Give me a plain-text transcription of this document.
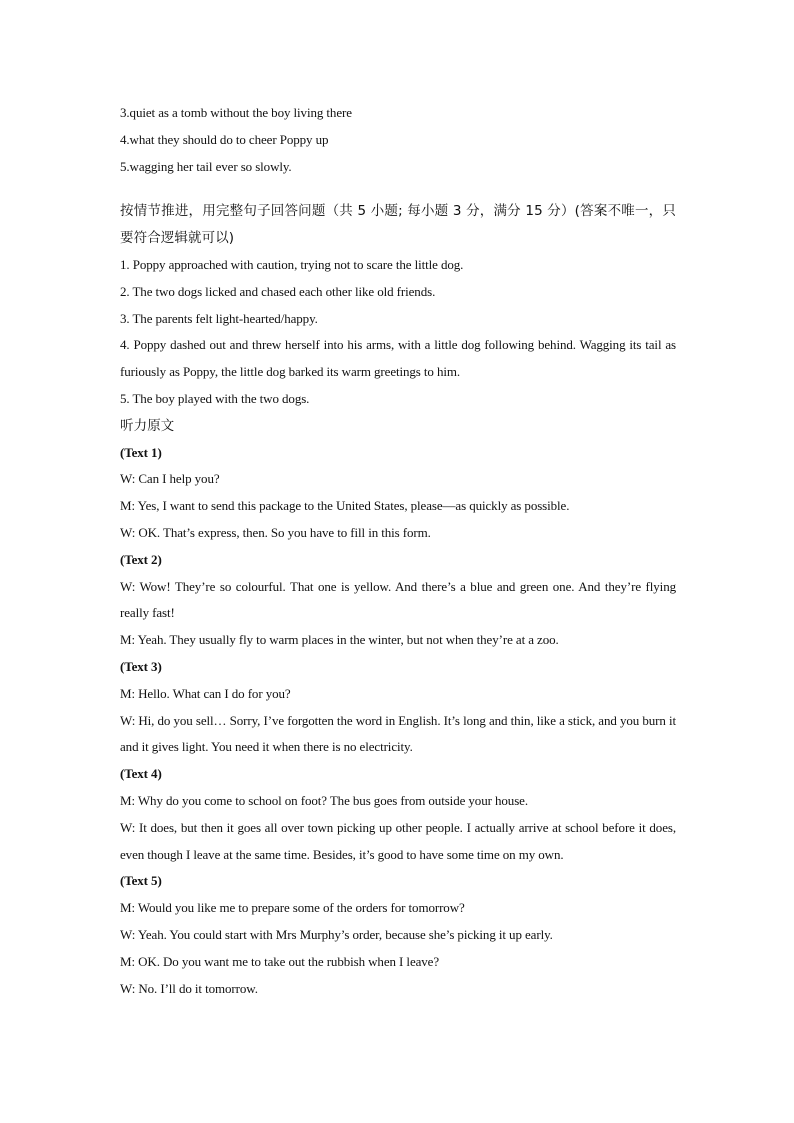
3.quiet as a tomb without the boy living there
4.what they should do to cheer Poppy up
5.wagging her tail ever so slowly.
按情节推进，用完整句子回答问题（共 5 小题; 每小题 3 分，满分 15 分）(答案不唯一，只要符合逻辑就可以)
1. Poppy approached with caution, trying not to scare the little dog.
2. The two dogs licked and chased each other like old friends.
3. The parents felt light-hearted/happy.
4. Poppy dashed out and threw herself into his arms, with a little dog following behind. Wagging its tail as furiously as Poppy, the little dog barked its warm greetings to him.
5. The boy played with the two dogs.
听力原文
(Text 1)
W: Can I help you?
M: Yes, I want to send this package to the United States, please—as quickly as possible.
W: OK. That’s express, then. So you have to fill in this form.
(Text 2)
W: Wow! They’re so colourful. That one is yellow. And there’s a blue and green one. And they’re flying really fast!
M: Yeah. They usually fly to warm places in the winter, but not when they’re at a zoo.
(Text 3)
M: Hello. What can I do for you?
W: Hi, do you sell… Sorry, I’ve forgotten the word in English. It’s long and thin, like a stick, and you burn it and it gives light. You need it when there is no electricity.
(Text 4)
M: Why do you come to school on foot? The bus goes from outside your house.
W: It does, but then it goes all over town picking up other people. I actually arrive at school before it does, even though I leave at the same time. Besides, it’s good to have some time on my own.
(Text 5)
M: Would you like me to prepare some of the orders for tomorrow?
W: Yeah. You could start with Mrs Murphy’s order, because she’s picking it up early.
M: OK. Do you want me to take out the rubbish when I leave?
W: No. I’ll do it tomorrow.
